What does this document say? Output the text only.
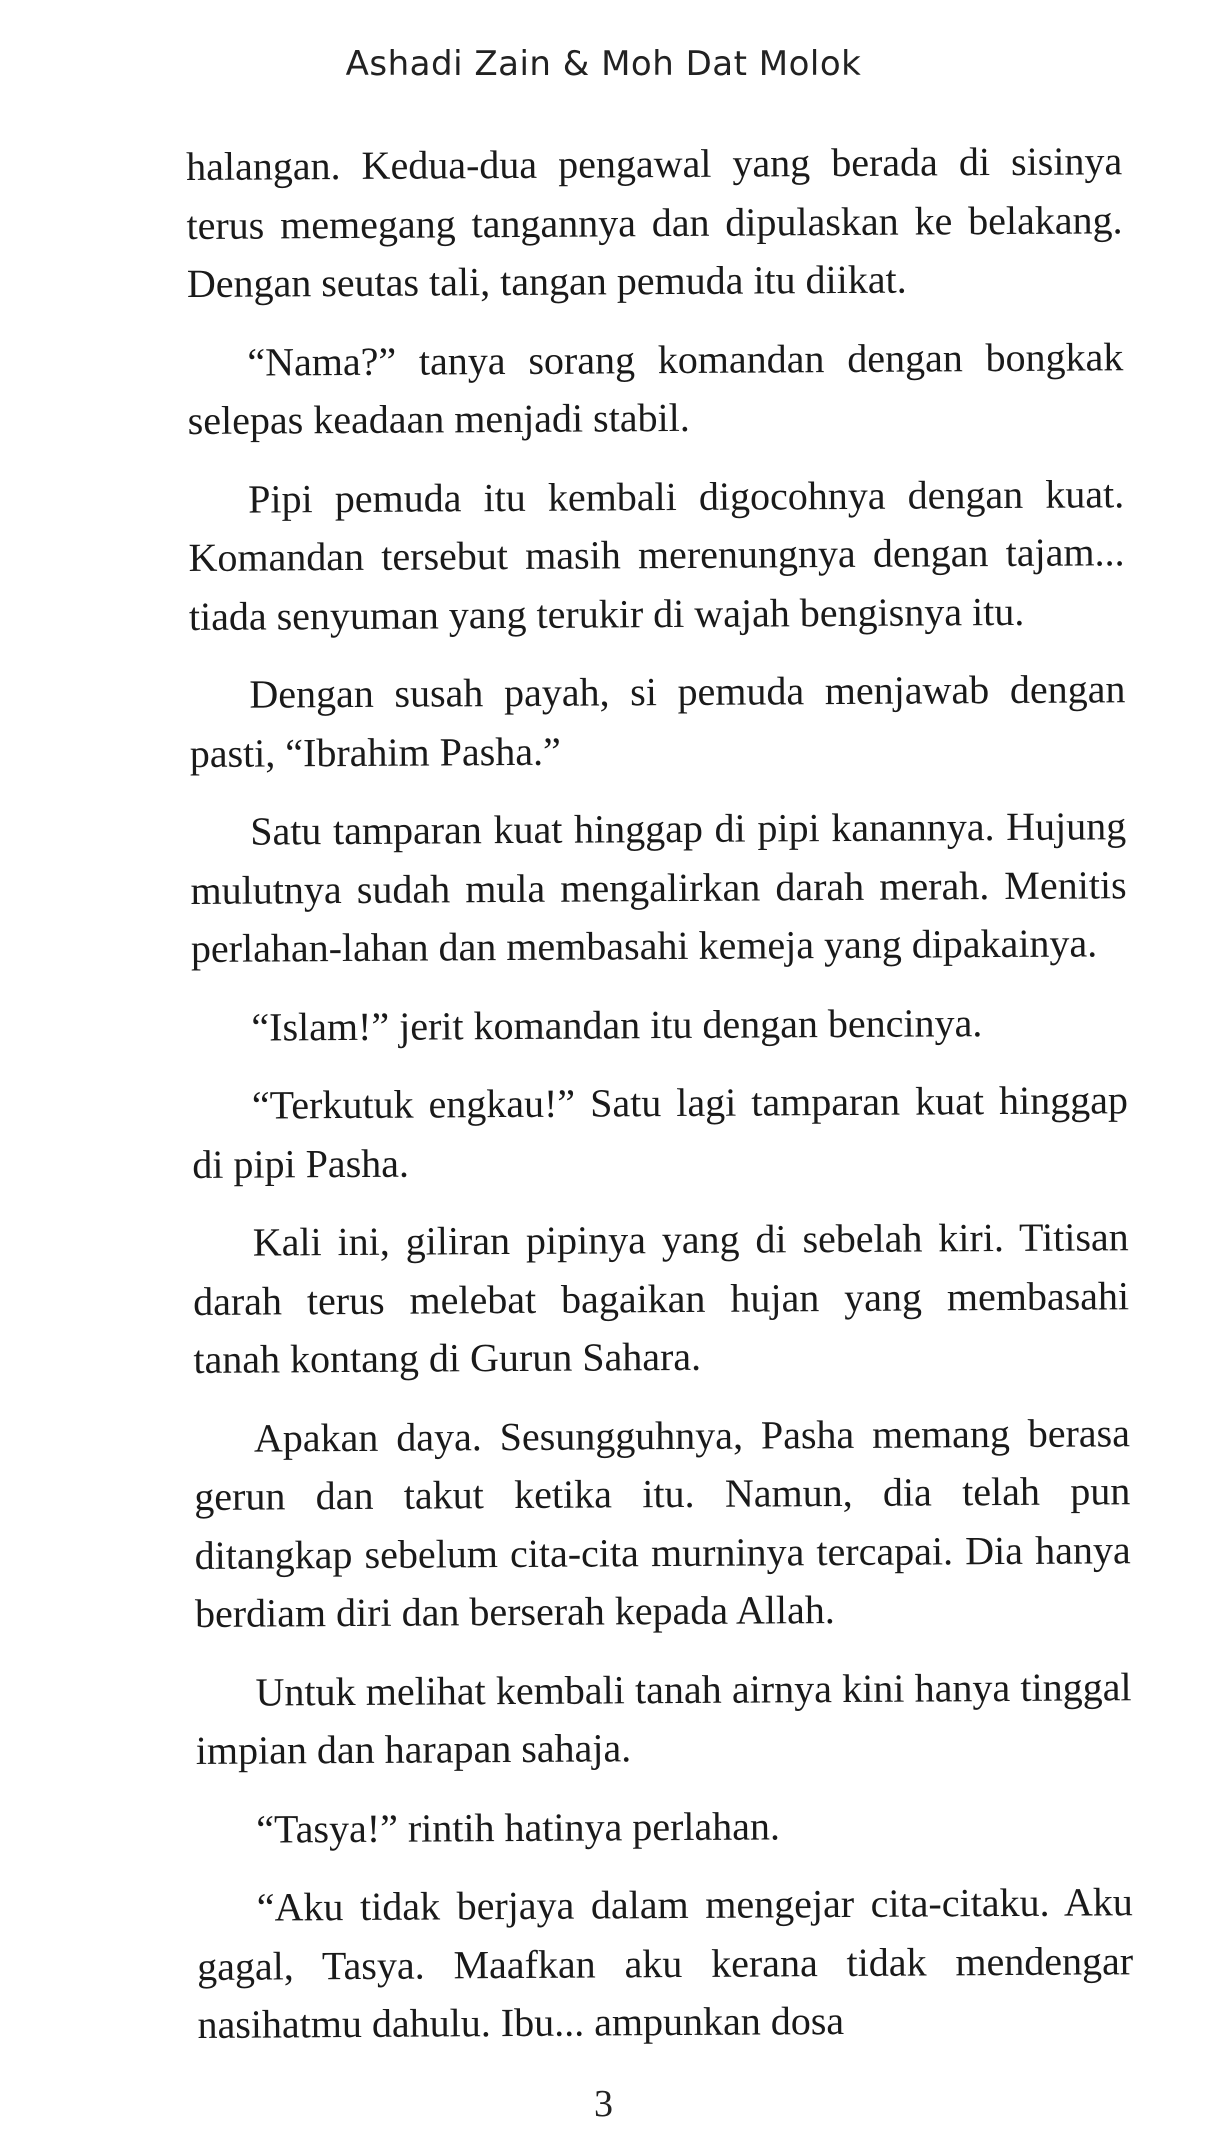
Ashadi Zain & Moh Dat Molok

halangan. Kedua-dua pengawal yang berada di sisinya terus memegang tangannya dan dipulaskan ke belakang. Dengan seutas tali, tangan pemuda itu diikat.

“Nama?” tanya sorang komandan dengan bongkak selepas keadaan menjadi stabil.

Pipi pemuda itu kembali digocohnya dengan kuat. Komandan tersebut masih merenungnya dengan tajam... tiada senyuman yang terukir di wajah bengisnya itu.

Dengan susah payah, si pemuda menjawab dengan pasti, “Ibrahim Pasha.”

Satu tamparan kuat hinggap di pipi kanannya. Hujung mulutnya sudah mula mengalirkan darah merah. Menitis perlahan-lahan dan membasahi kemeja yang dipakainya.

“Islam!” jerit komandan itu dengan bencinya.

“Terkutuk engkau!” Satu lagi tamparan kuat hinggap di pipi Pasha.

Kali ini, giliran pipinya yang di sebelah kiri. Titisan darah terus melebat bagaikan hujan yang membasahi tanah kontang di Gurun Sahara.

Apakan daya. Sesungguhnya, Pasha memang berasa gerun dan takut ketika itu. Namun, dia telah pun ditangkap sebelum cita-cita murninya tercapai. Dia hanya berdiam diri dan berserah kepada Allah.

Untuk melihat kembali tanah airnya kini hanya tinggal impian dan harapan sahaja.

“Tasya!” rintih hatinya perlahan.

“Aku tidak berjaya dalam mengejar cita-citaku. Aku gagal, Tasya. Maafkan aku kerana tidak mendengar nasihatmu dahulu. Ibu... ampunkan dosa

3
